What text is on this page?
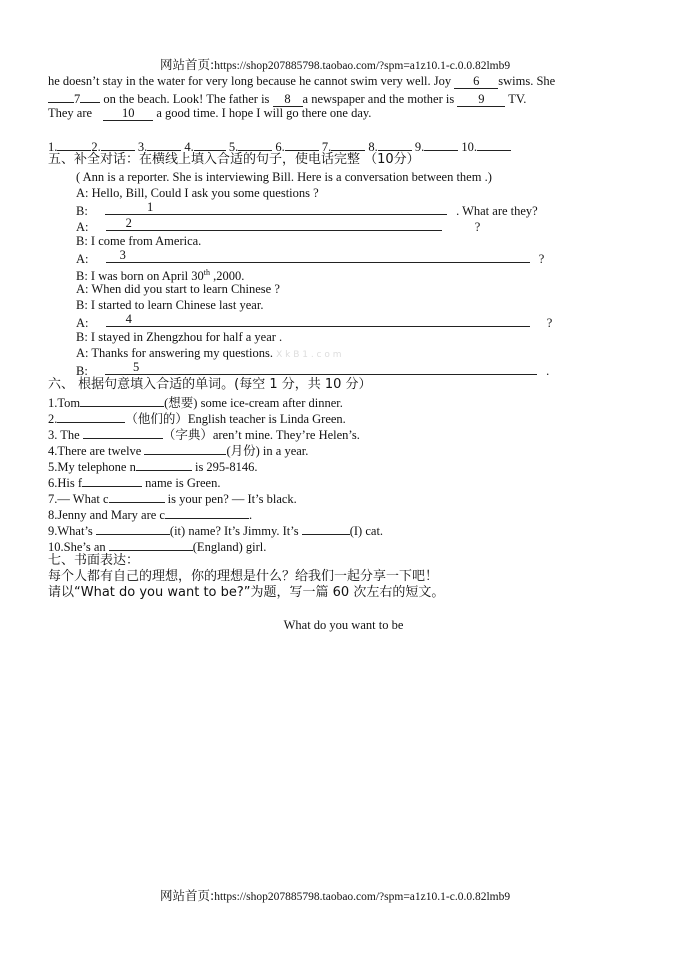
网站首页:https://shop207885798.taobao.com/?spm=a1z10.1-c.0.0.82lmb9
he doesn’t stay in the water for very long because he cannot swim very well. Joy 6 swims. She
7 on the beach. Look! The father is 8 a newspaper and the mother is 9 TV.
They are 10 a good time. I hope I will go there one day.
1.	2.	3.	4.	5.	6.	7.	8.	9.	10.
五、补全对话：在横线上填入合适的句子，使电话完整 （10分）
( Ann is a reporter. She is interviewing Bill. Here is a conversation between them .)
A: Hello, Bill, Could I ask you some questions ?
B:	1	. What are they?
A:	2	?
B: I come from America.
A: 3	?
B: I was born on April 30th ,2000.
A: When did you start to learn Chinese ?
B: I started to learn Chinese last year.
A:	4	?
B: I stayed in Zhengzhou for half a year .
A: Thanks for answering my questions. X k B 1 . c o m
B:	5	.
六、 根据句意填入合适的单词。(每空 1 分，共 10 分）
1.Tom	(想要) some ice-cream after dinner.
2.	（他们的）English teacher is Linda Green.
3. The	（字典）aren’t mine. They’re Helen’s.
4.There are twelve	(月份) in a year.
5.My telephone n	is 295-8146.
6.His f	name is Green.
7.— What c	is your pen? — It’s black.
8.Jenny and Mary are c	.
9.What’s	(it) name? It’s Jimmy. It’s	(I) cat.
10.She’s an	(England) girl.
七、书面表达：
每个人都有自己的理想，你的理想是什么？给我们一起分享一下吧！
请以“What do you want to be?”为题，写一篇 60 次左右的短文。
What do you want to be
网站首页:https://shop207885798.taobao.com/?spm=a1z10.1-c.0.0.82lmb9
